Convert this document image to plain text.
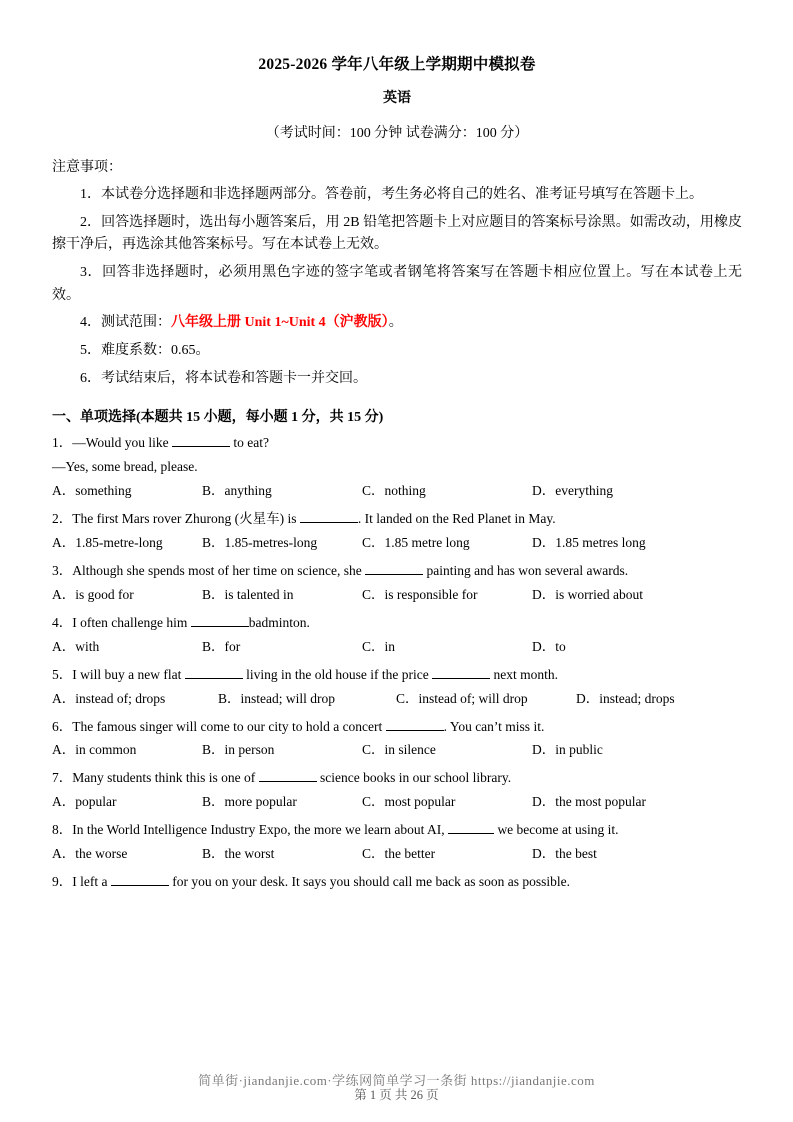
2025-2026 学年八年级上学期期中模拟卷
英语
（考试时间：100 分钟 试卷满分：100 分）
注意事项：
1．本试卷分选择题和非选择题两部分。答卷前，考生务必将自己的姓名、准考证号填写在答题卡上。
2．回答选择题时，选出每小题答案后，用 2B 铅笔把答题卡上对应题目的答案标号涂黑。如需改动，用橡皮擦干净后，再选涂其他答案标号。写在本试卷上无效。
3．回答非选择题时，必须用黑色字迹的签字笔或者钢笔将答案写在答题卡相应位置上。写在本试卷上无效。
4．测试范围：八年级上册 Unit 1~Unit 4（沪教版）。
5．难度系数：0.65。
6．考试结束后，将本试卷和答题卡一并交回。
一、单项选择(本题共 15 小题，每小题 1 分，共 15 分)
1．—Would you like	to eat?
—Yes, some bread, please.
A．something	B．anything	C．nothing	D．everything
2．The first Mars rover Zhurong (火星车) is	. It landed on the Red Planet in May.
A．1.85-metre-long	B．1.85-metres-long	C．1.85 metre long	D．1.85 metres long
3．Although she spends most of her time on science, she	painting and has won several awards.
A．is good for	B．is talented in	C．is responsible for	D．is worried about
4．I often challenge him	badminton.
A．with	B．for	C．in	D．to
5．I will buy a new flat	living in the old house if the price	next month.
A．instead of; drops	B．instead; will drop	C．instead of; will drop	D．instead; drops
6．The famous singer will come to our city to hold a concert	. You can’t miss it.
A．in common	B．in person	C．in silence	D．in public
7．Many students think this is one of	science books in our school library.
A．popular	B．more popular	C．most popular	D．the most popular
8．In the World Intelligence Industry Expo, the more we learn about AI,	we become at using it.
A．the worse	B．the worst	C．the better	D．the best
9．I left a	for you on your desk. It says you should call me back as soon as possible.
简单街·jiandanjie.com·学练网简单学习一条街 https://jiandanjie.com
第 1 页 共 26 页
